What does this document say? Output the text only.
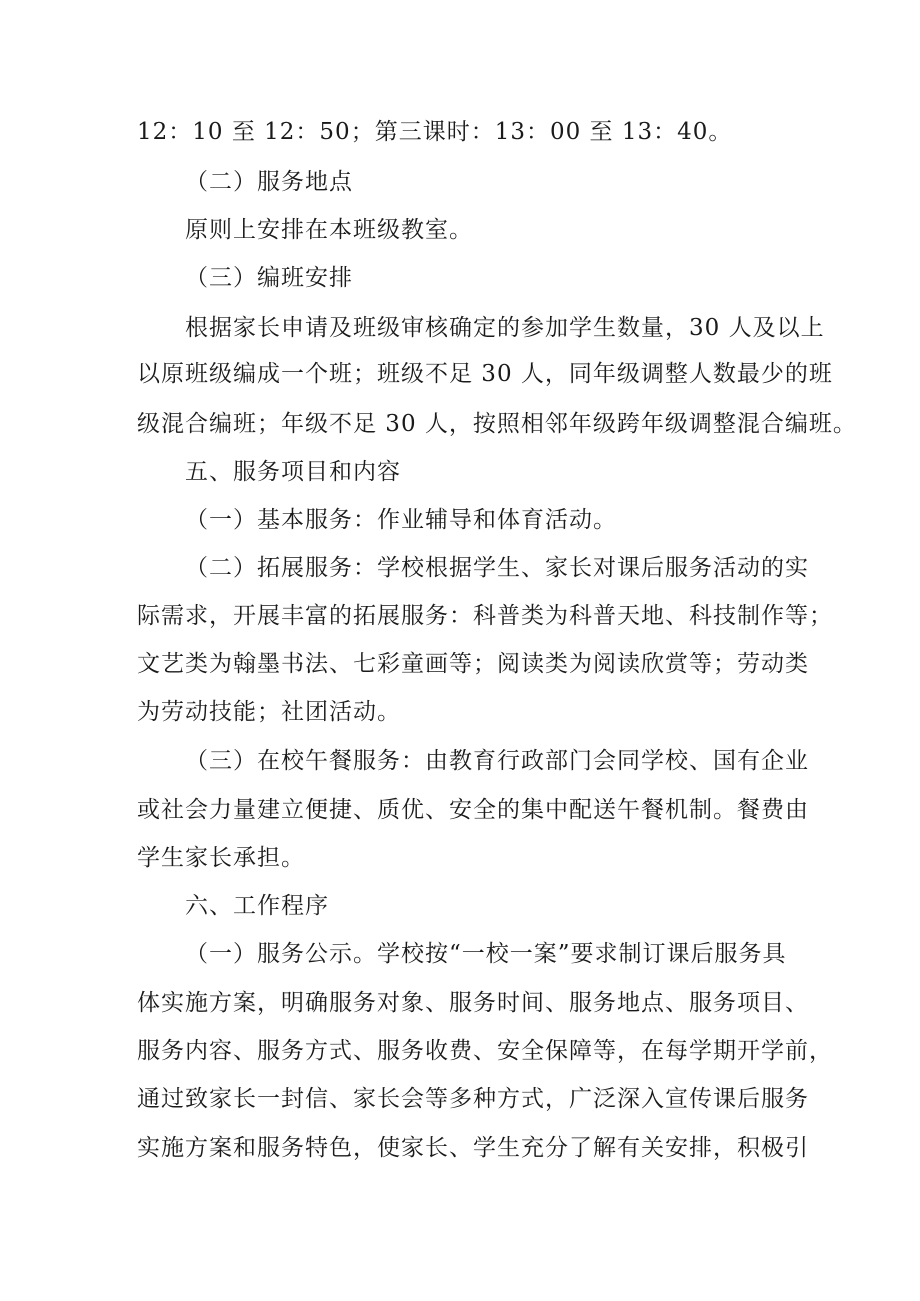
12：10 至 12：50；第三课时：13：00 至 13：40。
（二）服务地点
原则上安排在本班级教室。
（三）编班安排
根据家长申请及班级审核确定的参加学生数量，30 人及以上
以原班级编成一个班；班级不足 30 人，同年级调整人数最少的班
级混合编班；年级不足 30 人，按照相邻年级跨年级调整混合编班。
五、服务项目和内容
（一）基本服务：作业辅导和体育活动。
（二）拓展服务：学校根据学生、家长对课后服务活动的实
际需求，开展丰富的拓展服务：科普类为科普天地、科技制作等；
文艺类为翰墨书法、七彩童画等；阅读类为阅读欣赏等；劳动类
为劳动技能；社团活动。
（三）在校午餐服务：由教育行政部门会同学校、国有企业
或社会力量建立便捷、质优、安全的集中配送午餐机制。餐费由
学生家长承担。
六、工作程序
（一）服务公示。学校按“一校一案”要求制订课后服务具
体实施方案，明确服务对象、服务时间、服务地点、服务项目、
服务内容、服务方式、服务收费、安全保障等，在每学期开学前，
通过致家长一封信、家长会等多种方式，广泛深入宣传课后服务
实施方案和服务特色，使家长、学生充分了解有关安排，积极引
